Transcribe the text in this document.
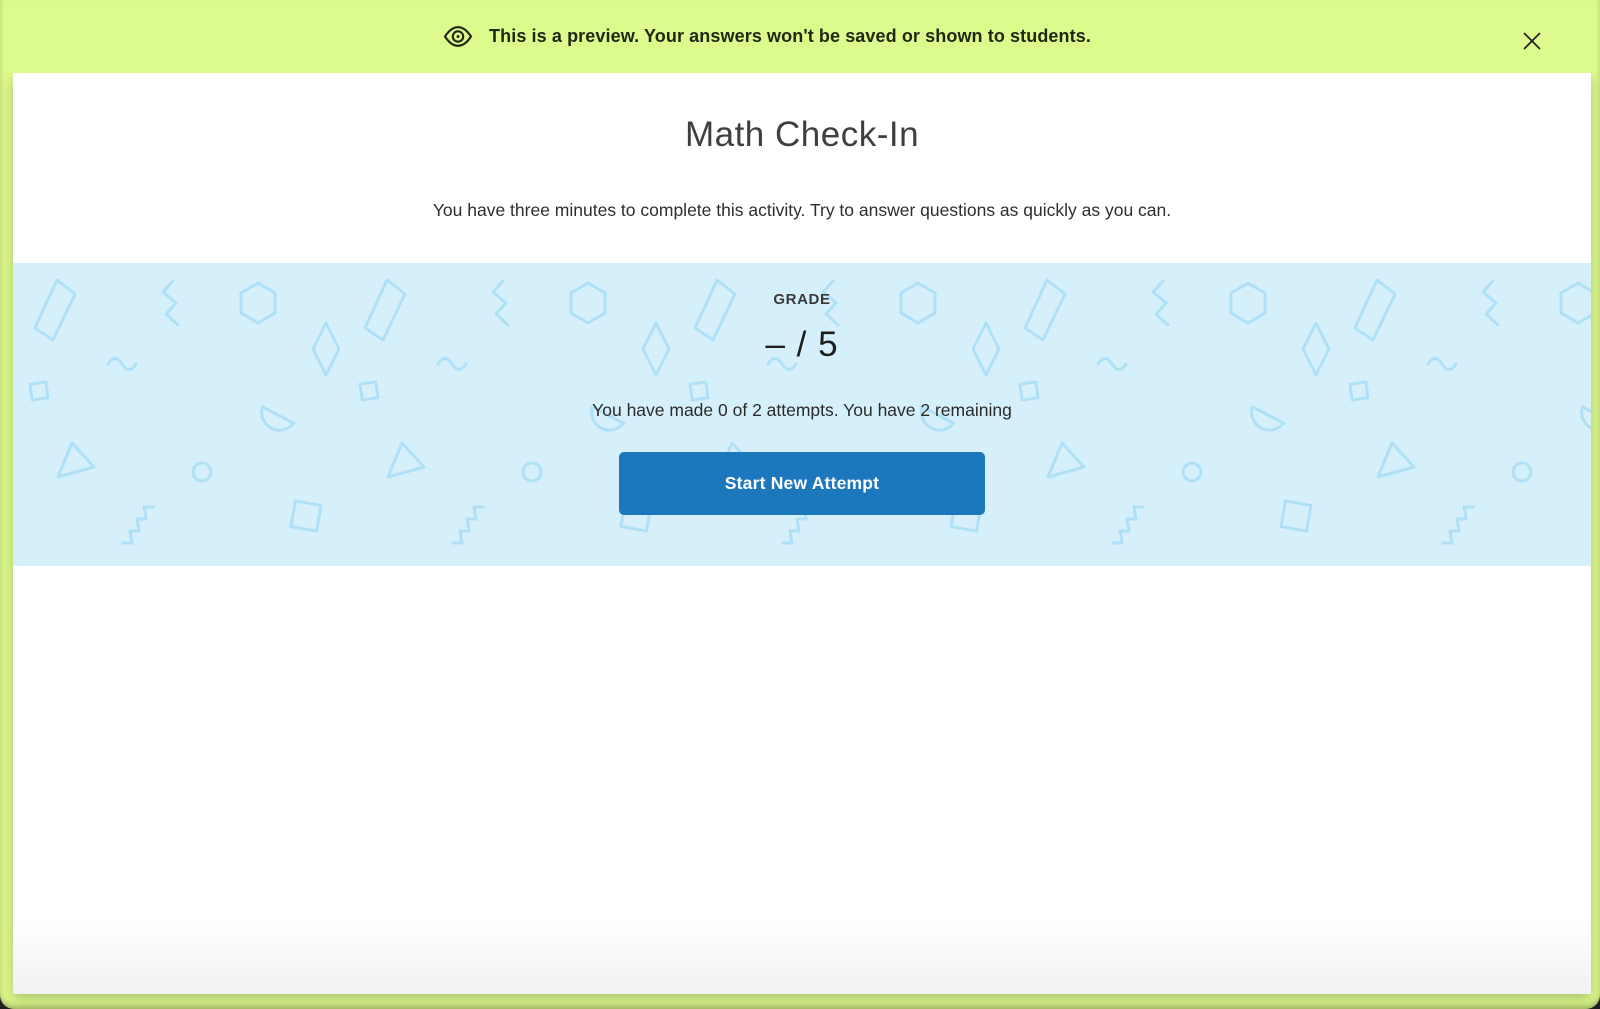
This is a preview. Your answers won't be saved or shown to students.
Math Check-In

You have three minutes to complete this activity. Try to answer questions as quickly as you can.

GRADE
– / 5
You have made 0 of 2 attempts. You have 2 remaining
Start New Attempt
